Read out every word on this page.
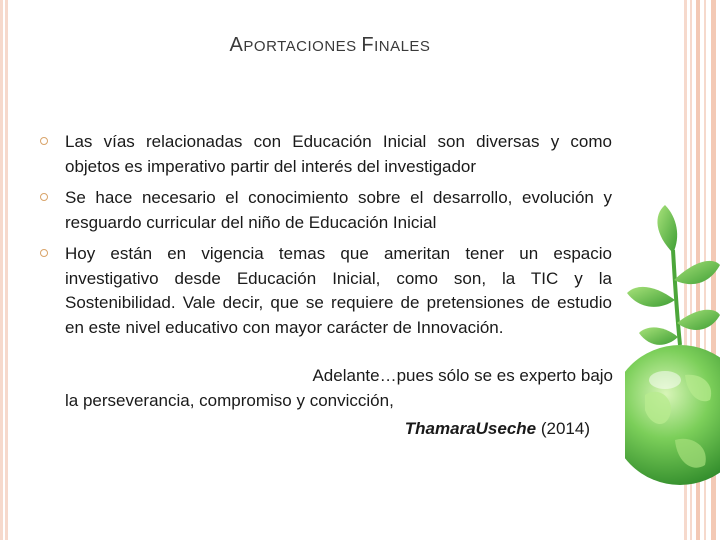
APORTACIONES FINALES
Las vías relacionadas con Educación Inicial son diversas y como objetos es imperativo partir del interés del investigador
Se hace necesario el conocimiento sobre el desarrollo, evolución y resguardo curricular del niño de Educación Inicial
Hoy están en vigencia temas que ameritan tener un espacio investigativo desde Educación Inicial, como son, la TIC y la Sostenibilidad. Vale decir, que se requiere de pretensiones de estudio en este nivel educativo con mayor carácter de Innovación.
Adelante…pues sólo se es experto bajo
la perseverancia, compromiso y convicción,
ThamaraUseche (2014)
